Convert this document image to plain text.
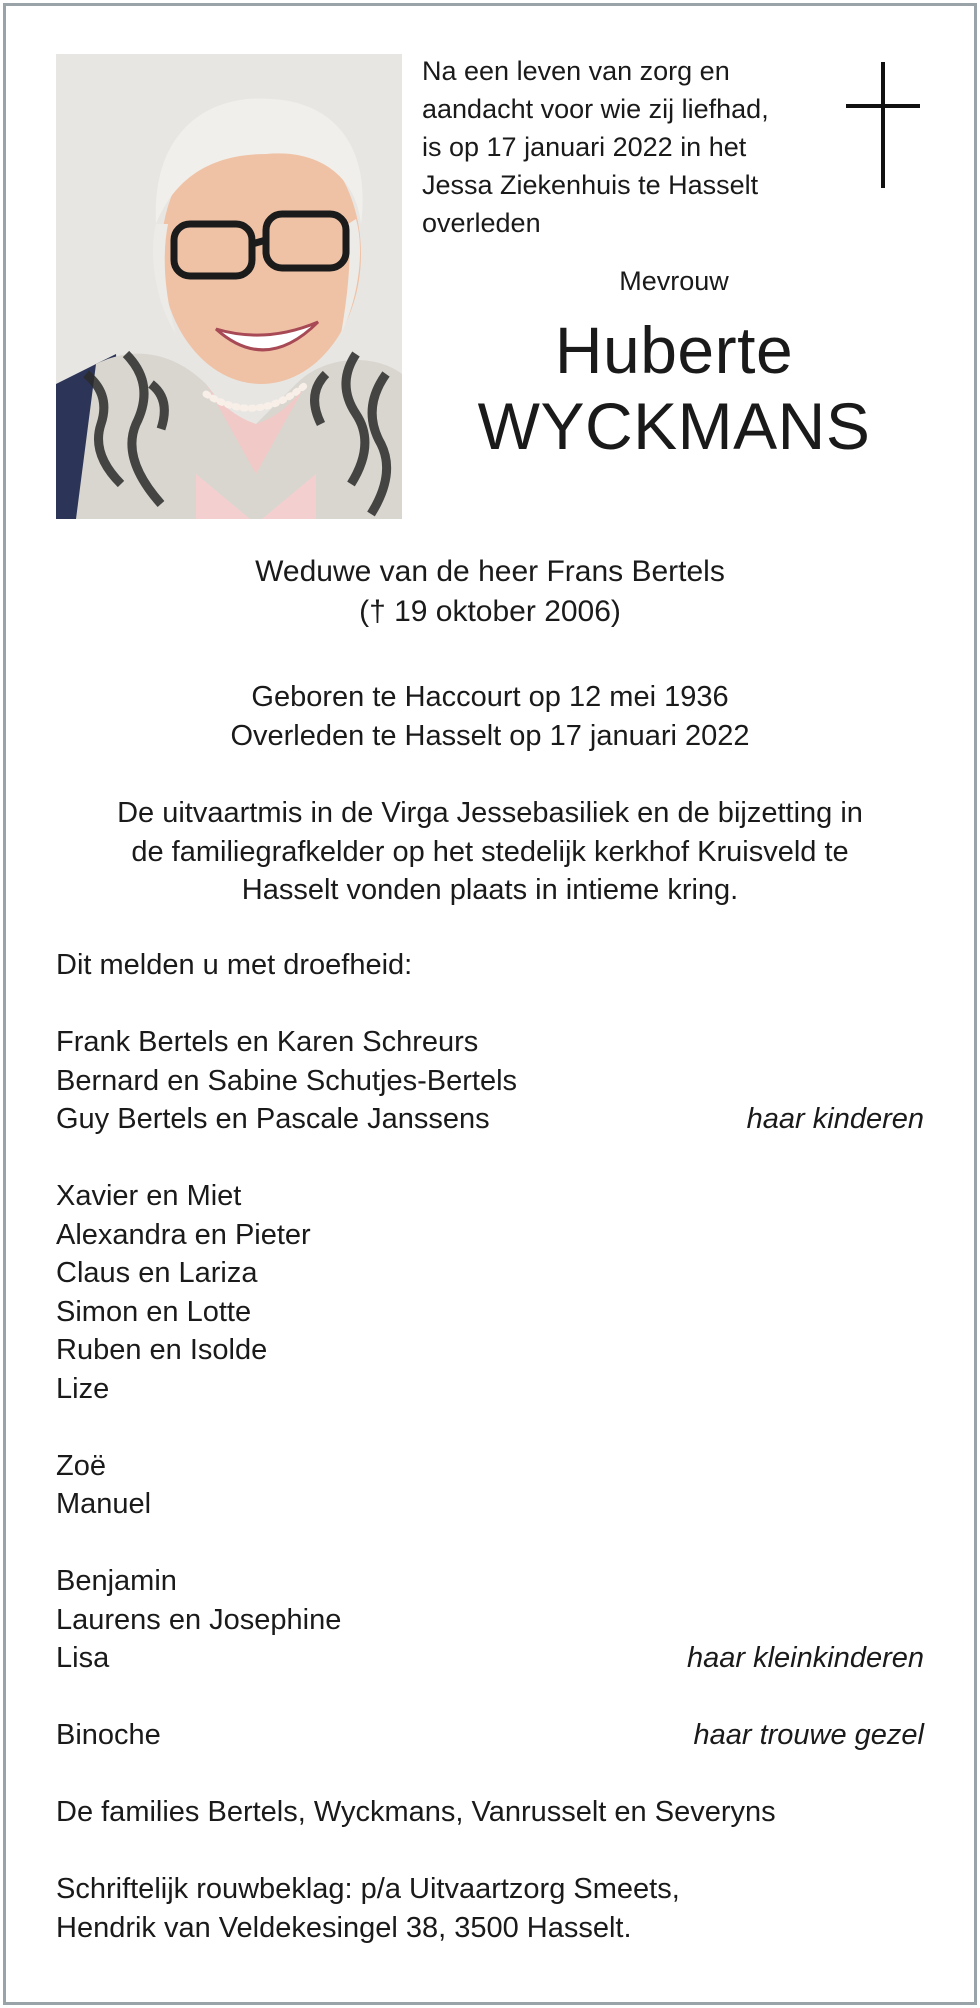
Na een leven van zorg en
aandacht voor wie zij liefhad,
is op 17 januari 2022 in het
Jessa Ziekenhuis te Hasselt
overleden
Mevrouw
Huberte
WYCKMANS
Weduwe van de heer Frans Bertels
(† 19 oktober 2006)
Geboren te Haccourt op 12 mei 1936
Overleden te Hasselt op 17 januari 2022
De uitvaartmis in de Virga Jessebasiliek en de bijzetting in
de familiegrafkelder op het stedelijk kerkhof Kruisveld te
Hasselt vonden plaats in intieme kring.
Dit melden u met droefheid:
Frank Bertels en Karen Schreurs
Bernard en Sabine Schutjes-Bertels
Guy Bertels en Pascale Janssens	haar kinderen
Xavier en Miet
Alexandra en Pieter
Claus en Lariza
Simon en Lotte
Ruben en Isolde
Lize
Zoë
Manuel
Benjamin
Laurens en Josephine
Lisa	haar kleinkinderen
Binoche	haar trouwe gezel
De families Bertels, Wyckmans, Vanrusselt en Severyns
Schriftelijk rouwbeklag: p/a Uitvaartzorg Smeets,
Hendrik van Veldekesingel 38, 3500 Hasselt.
